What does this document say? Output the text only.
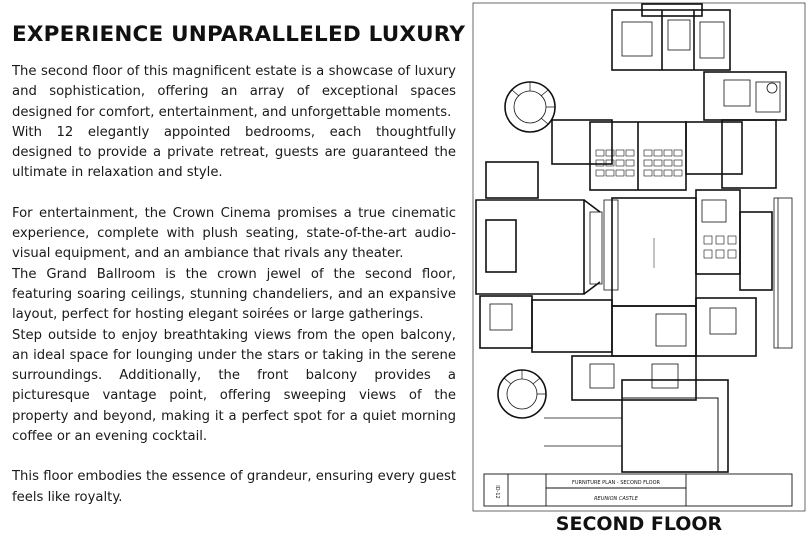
EXPERIENCE UNPARALLELED LUXURY

The second floor of this magnificent estate is a showcase of luxury and sophistication, offering an array of exceptional spaces designed for comfort, entertainment, and unforgettable moments.

With 12 elegantly appointed bedrooms, each thoughtfully designed to provide a private retreat, guests are guaranteed the ultimate in relaxation and style.

For entertainment, the Crown Cinema promises a true cinematic experience, complete with plush seating, state-of-the-art audio-visual equipment, and an ambiance that rivals any theater.

The Grand Ballroom is the crown jewel of the second floor, featuring soaring ceilings, stunning chandeliers, and an expansive layout, perfect for hosting elegant soirées or large gatherings.

Step outside to enjoy breathtaking views from the open balcony, an ideal space for lounging under the stars or taking in the serene surroundings. Additionally, the front balcony provides a picturesque vantage point, offering sweeping views of the property and beyond, making it a perfect spot for a quiet morning coffee or an evening cocktail.

This floor embodies the essence of grandeur, ensuring every guest feels like royalty.	ID-12
FURNITURE PLAN - SECOND FLOOR
REUNION CASTLE
SECOND FLOOR
